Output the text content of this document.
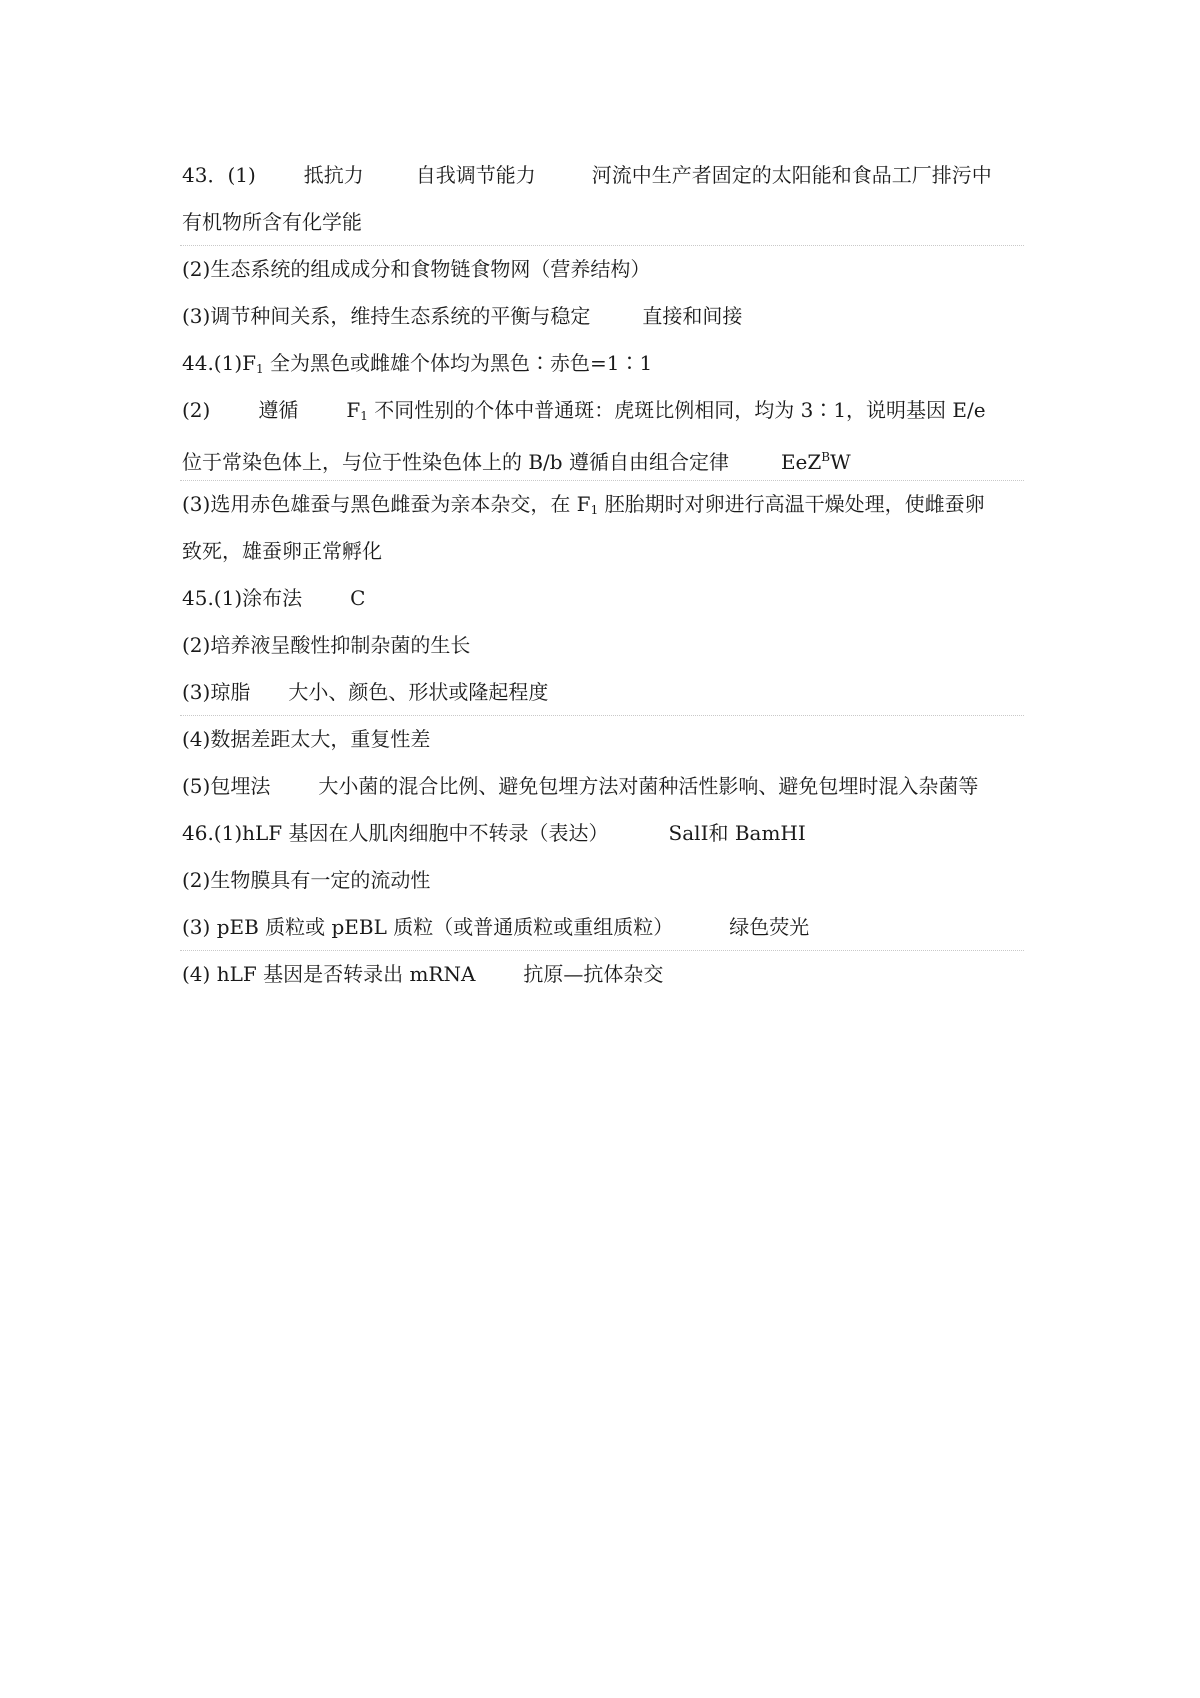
43．(1) 抵抗力	自我调节能力	河流中生产者固定的太阳能和食品工厂排污中
有机物所含有化学能
(2)生态系统的组成成分和食物链食物网（营养结构）
(3)调节种间关系，维持生态系统的平衡与稳定	直接和间接
$44.(1)F_1$ 全为黑色或雌雄个体均为黑色∶赤色=1∶1
(2) 遵循 $F_1$ 不同性别的个体中普通斑：虎斑比例相同，均为 3∶1，说明基因 E/e
位于常染色体上，与位于性染色体上的 B/b 遵循自由组合定律	EeZ$^B$W
(3)选用赤色雄蚕与黑色雌蚕为亲本杂交，在 $F_1$ 胚胎期时对卵进行高温干燥处理，使雌蚕卵
致死，雄蚕卵正常孵化
45.(1)涂布法 C
(2)培养液呈酸性抑制杂菌的生长
(3)琼脂 大小、颜色、形状或隆起程度
(4)数据差距太大，重复性差
(5)包埋法 大小菌的混合比例、避免包埋方法对菌种活性影响、避免包埋时混入杂菌等
46.(1)hLF 基因在人肌肉细胞中不转录（表达）	SalⅠ和 BamHⅠ
(2)生物膜具有一定的流动性
(3) pEB 质粒或 pEBL 质粒（或普通质粒或重组质粒）	绿色荧光
(4) hLF 基因是否转录出 mRNA 抗原—抗体杂交
